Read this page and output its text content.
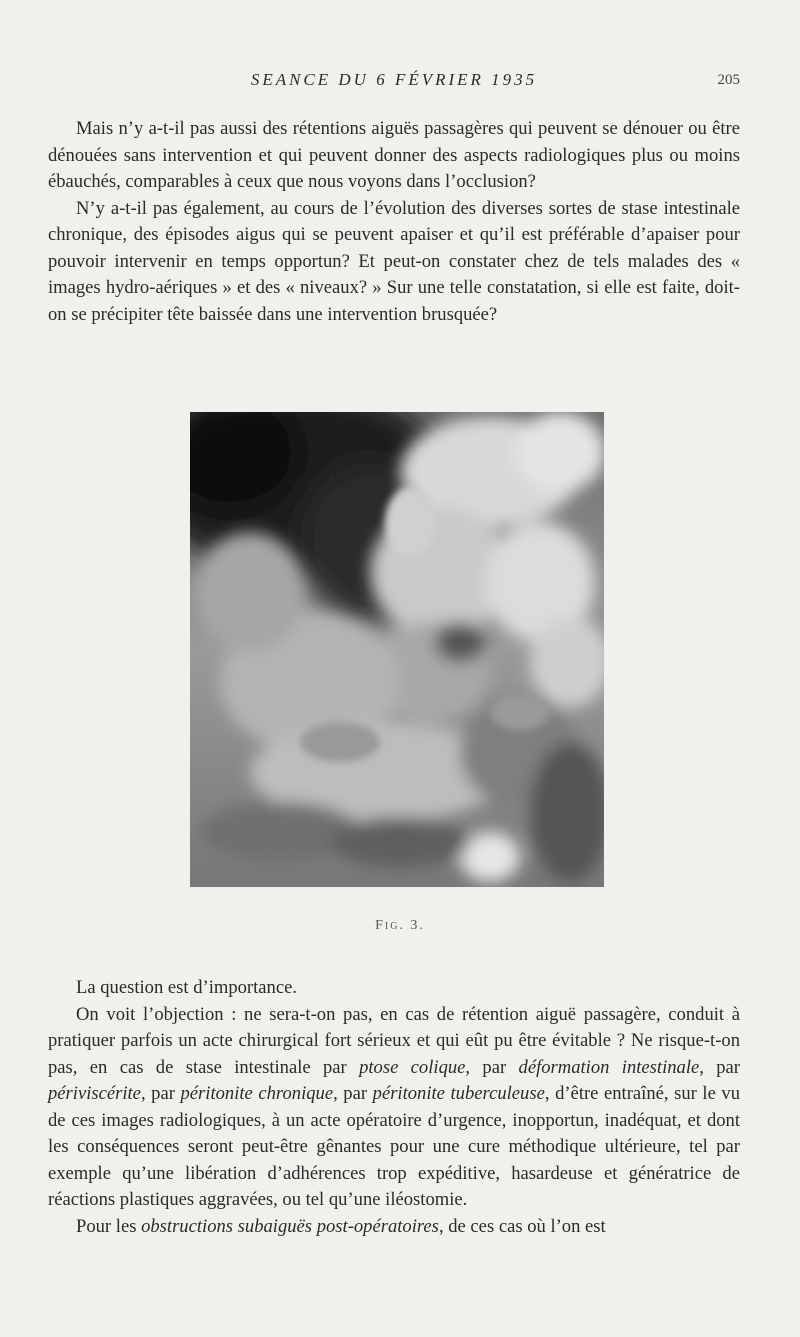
SEANCE DU 6 FÉVRIER 1935	205

Mais n’y a-t-il pas aussi des rétentions aiguës passagères qui peuvent se dénouer ou être dénouées sans intervention et qui peuvent donner des aspects radiologiques plus ou moins ébauchés, comparables à ceux que nous voyons dans l’occlusion?

N’y a-t-il pas également, au cours de l’évolution des diverses sortes de stase intestinale chronique, des épisodes aigus qui se peuvent apaiser et qu’il est préférable d’apaiser pour pouvoir intervenir en temps opportun? Et peut-on constater chez de tels malades des « images hydro-aériques » et des « niveaux? » Sur une telle constatation, si elle est faite, doit-on se précipiter tête baissée dans une intervention brusquée?

Fig. 3.

La question est d’importance.

On voit l’objection : ne sera-t-on pas, en cas de rétention aiguë passagère, conduit à pratiquer parfois un acte chirurgical fort sérieux et qui eût pu être évitable ? Ne risque-t-on pas, en cas de stase intestinale par ptose colique, par déformation intestinale, par périviscérite, par péritonite chronique, par péritonite tuberculeuse, d’être entraîné, sur le vu de ces images radiologiques, à un acte opératoire d’urgence, inopportun, inadéquat, et dont les conséquences seront peut-être gênantes pour une cure méthodique ultérieure, tel par exemple qu’une libération d’adhérences trop expéditive, hasardeuse et génératrice de réactions plastiques aggravées, ou tel qu’une iléostomie.

Pour les obstructions subaiguës post-opératoires, de ces cas où l’on est
